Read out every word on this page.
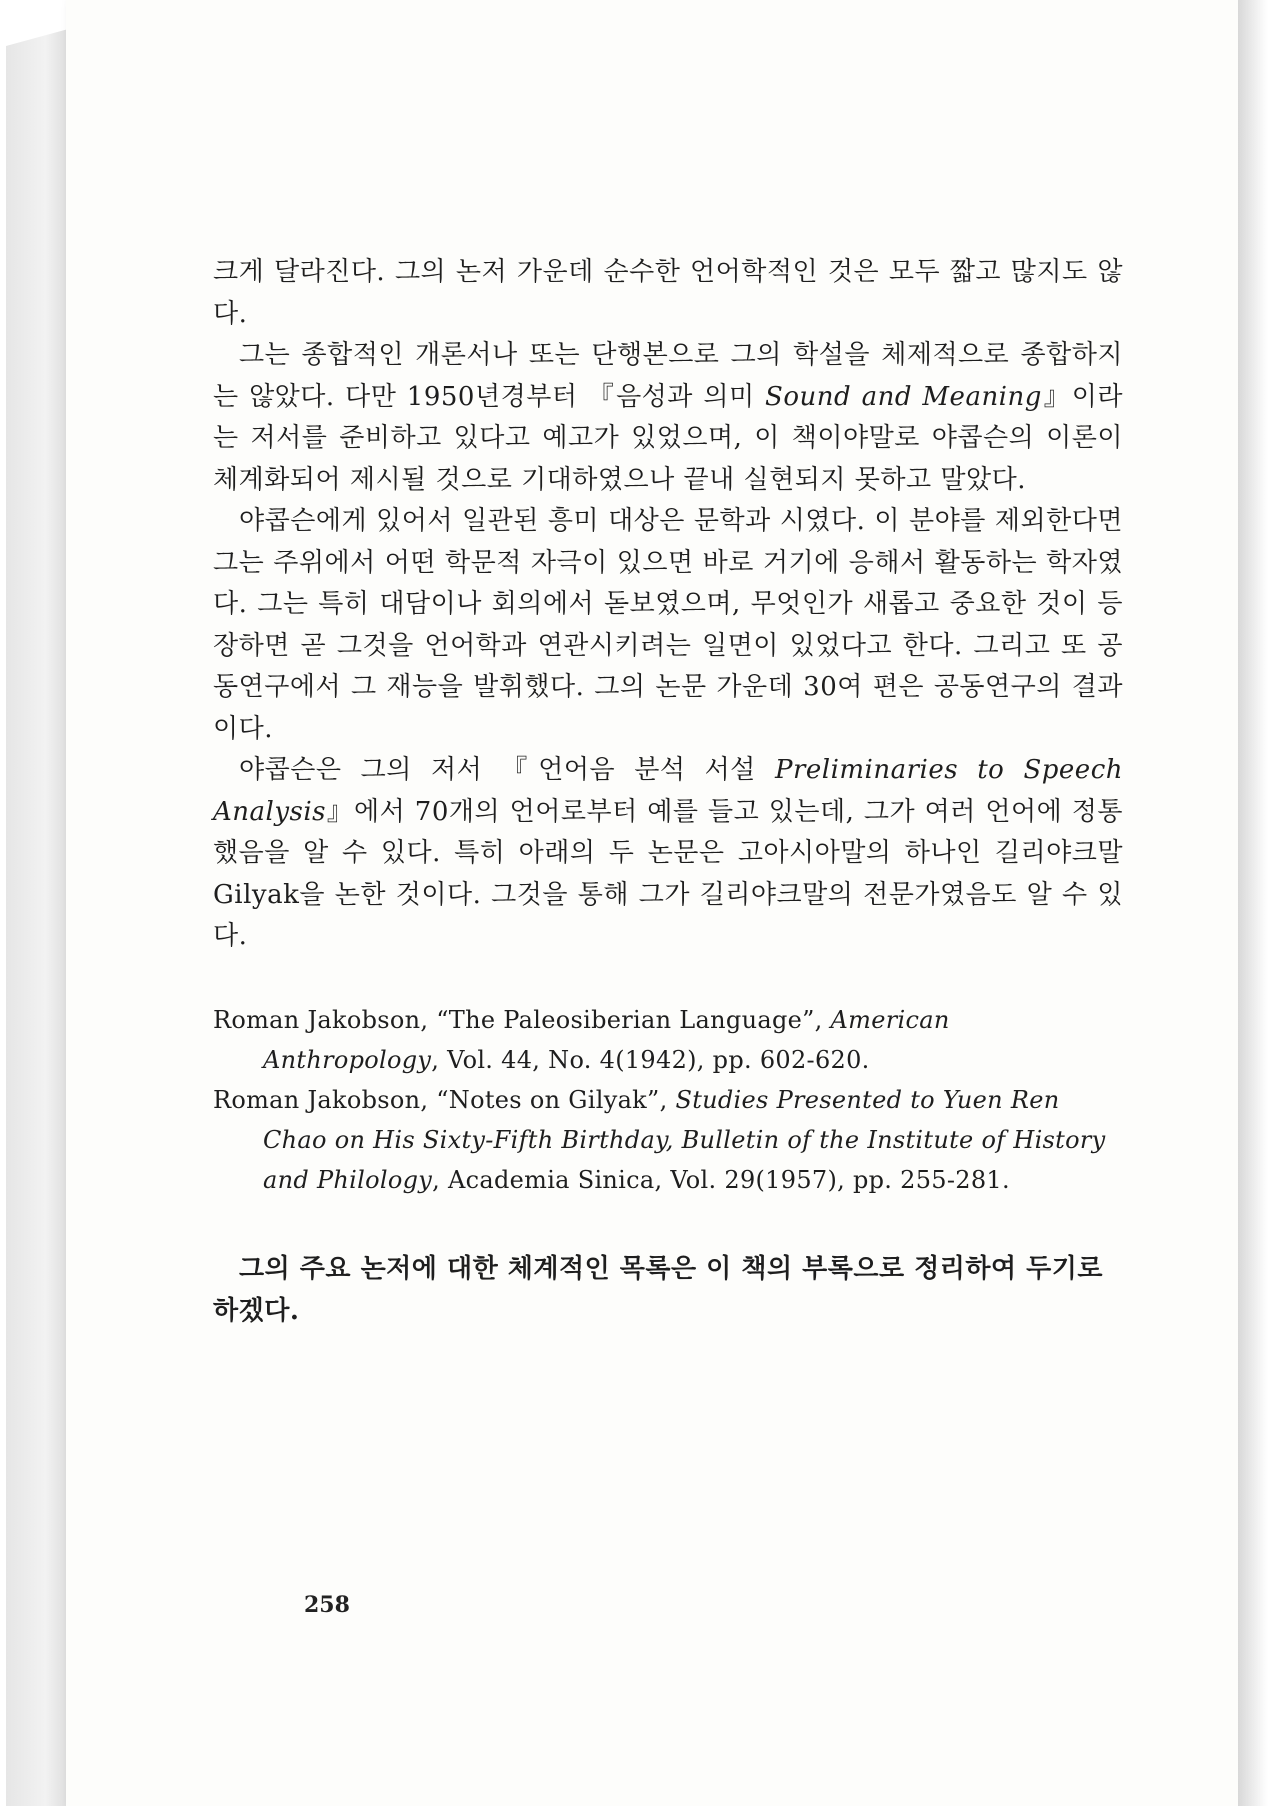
크게 달라진다. 그의 논저 가운데 순수한 언어학적인 것은 모두 짧고 많지도 않다.

그는 종합적인 개론서나 또는 단행본으로 그의 학설을 체제적으로 종합하지는 않았다. 다만 1950년경부터 『음성과 의미 Sound and Meaning』이라는 저서를 준비하고 있다고 예고가 있었으며, 이 책이야말로 야콥슨의 이론이 체계화되어 제시될 것으로 기대하였으나 끝내 실현되지 못하고 말았다.

야콥슨에게 있어서 일관된 흥미 대상은 문학과 시였다. 이 분야를 제외한다면 그는 주위에서 어떤 학문적 자극이 있으면 바로 거기에 응해서 활동하는 학자였다. 그는 특히 대담이나 회의에서 돋보였으며, 무엇인가 새롭고 중요한 것이 등장하면 곧 그것을 언어학과 연관시키려는 일면이 있었다고 한다. 그리고 또 공동연구에서 그 재능을 발휘했다. 그의 논문 가운데 30여 편은 공동연구의 결과이다.

야콥슨은 그의 저서 『언어음 분석 서설 Preliminaries to Speech Analysis』에서 70개의 언어로부터 예를 들고 있는데, 그가 여러 언어에 정통했음을 알 수 있다. 특히 아래의 두 논문은 고아시아말의 하나인 길리야크말 Gilyak을 논한 것이다. 그것을 통해 그가 길리야크말의 전문가였음도 알 수 있다.

Roman Jakobson, “The Paleosiberian Language”, American Anthropology, Vol. 44, No. 4(1942), pp. 602-620.

Roman Jakobson, “Notes on Gilyak”, Studies Presented to Yuen Ren Chao on His Sixty-Fifth Birthday, Bulletin of the Institute of History and Philology, Academia Sinica, Vol. 29(1957), pp. 255-281.

그의 주요 논저에 대한 체계적인 목록은 이 책의 부록으로 정리하여 두기로 하겠다.

258
